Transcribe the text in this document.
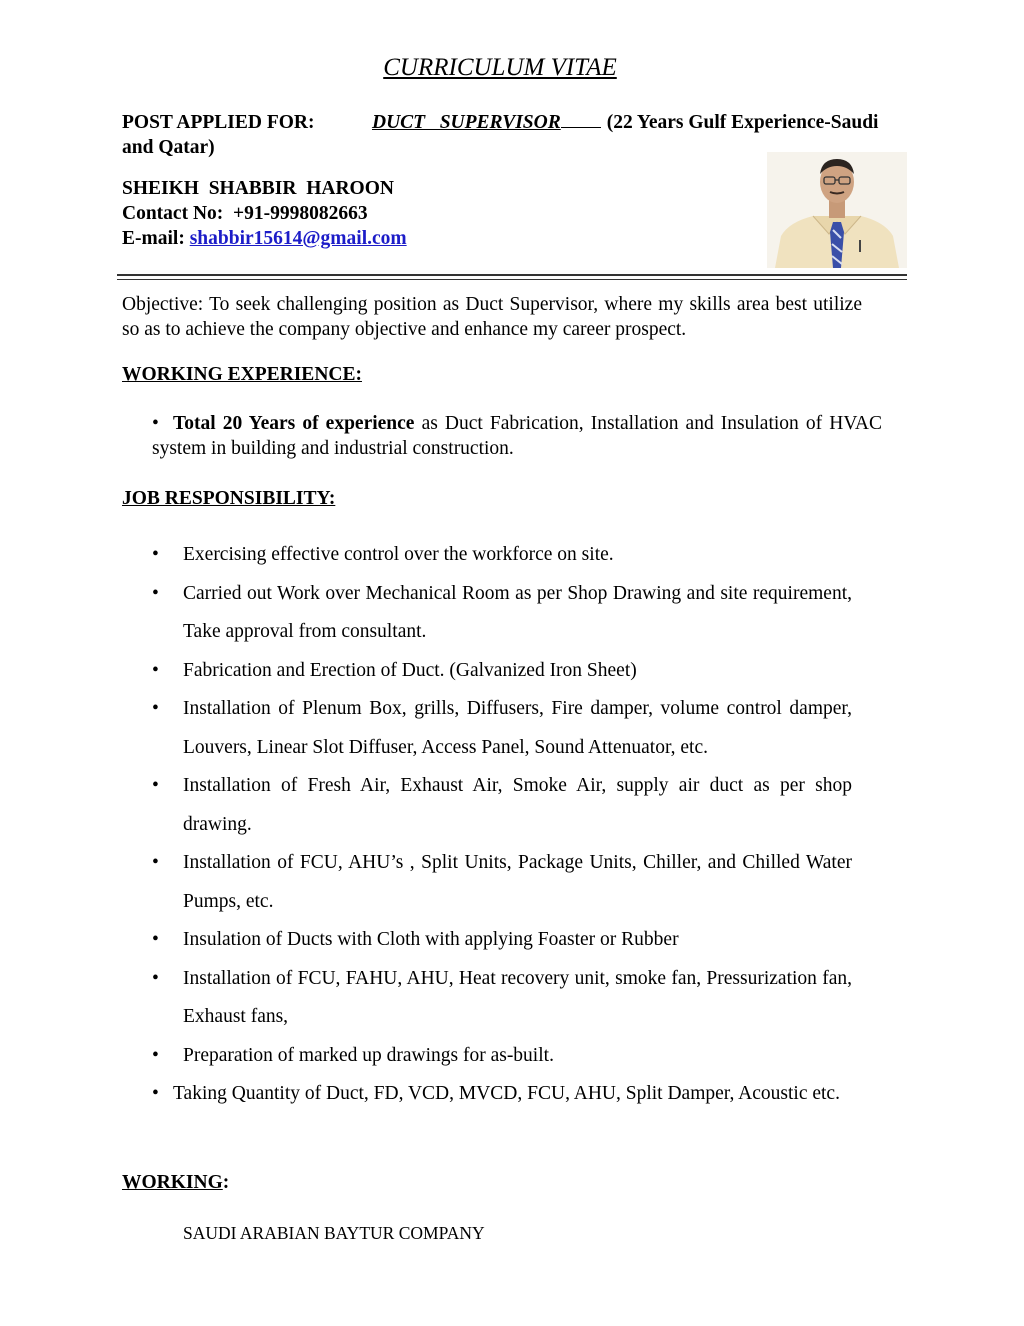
CURRICULUM VITAE
POST APPLIED FOR:	DUCT   SUPERVISOR (22 Years Gulf Experience-Saudi and Qatar)
SHEIKH  SHABBIR  HAROON
Contact No: +91-9998082663
E-mail: shabbir15614@gmail.com
Objective: To seek challenging position as Duct Supervisor, where my skills area best utilize so as to achieve the company objective and enhance my career prospect.
WORKING EXPERIENCE:
•  Total 20 Years of experience as Duct Fabrication, Installation and Insulation of HVAC system in building and industrial construction.
JOB RESPONSIBILITY:
• Exercising effective control over the workforce on site.
• Carried out Work over Mechanical Room as per Shop Drawing and site requirement, Take approval from consultant.
• Fabrication and Erection of Duct. (Galvanized Iron Sheet)
• Installation of Plenum Box, grills, Diffusers, Fire damper, volume control damper, Louvers, Linear Slot Diffuser, Access Panel, Sound Attenuator, etc.
• Installation of Fresh Air, Exhaust Air, Smoke Air, supply air duct as per shop drawing.
• Installation of FCU, AHU’s , Split Units, Package Units, Chiller, and Chilled Water Pumps, etc.
• Insulation of Ducts with Cloth with applying Foaster or Rubber
• Installation of FCU, FAHU, AHU, Heat recovery unit, smoke fan, Pressurization fan, Exhaust fans,
• Preparation of marked up drawings for as-built.
• Taking Quantity of Duct, FD, VCD, MVCD, FCU, AHU, Split Damper, Acoustic etc.
WORKING:
SAUDI ARABIAN BAYTUR COMPANY
